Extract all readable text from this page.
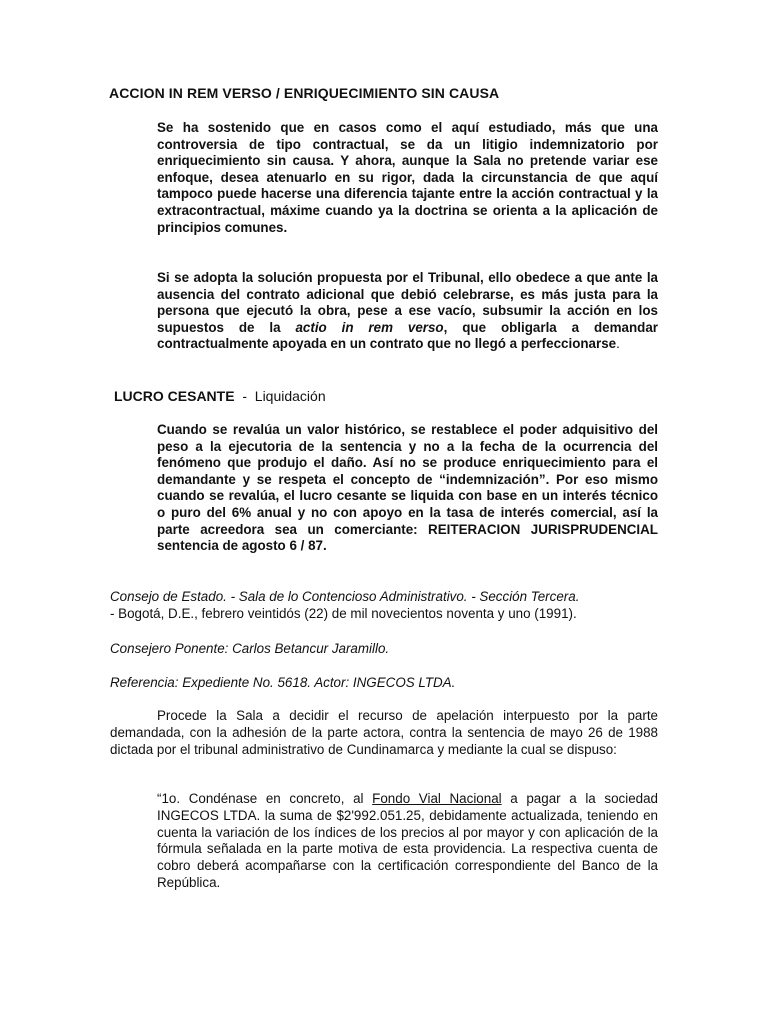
ACCION IN REM VERSO / ENRIQUECIMIENTO SIN CAUSA
Se ha sostenido que en casos como el aquí estudiado, más que una controversia de tipo contractual, se da un litigio indemnizatorio por enriquecimiento sin causa. Y ahora, aunque la Sala no pretende variar ese enfoque, desea atenuarlo en su rigor, dada la circunstancia de que aquí tampoco puede hacerse una diferencia tajante entre la acción contractual y la extracontractual, máxime cuando ya la doctrina se orienta a la aplicación de principios comunes.
Si se adopta la solución propuesta por el Tribunal, ello obedece a que ante la ausencia del contrato adicional que debió celebrarse, es más justa para la persona que ejecutó la obra, pese a ese vacío, subsumir la acción en los supuestos de la actio in rem verso, que obligarla a demandar contractualmente apoyada en un contrato que no llegó a perfeccionarse.
LUCRO CESANTE  -  Liquidación
Cuando se revalúa un valor histórico, se restablece el poder adquisitivo del peso a la ejecutoria de la sentencia y no a la fecha de la ocurrencia del fenómeno que produjo el daño. Así no se produce enriquecimiento para el demandante y se respeta el concepto de “indemnización”. Por eso mismo cuando se revalúa, el lucro cesante se liquida con base en un interés técnico o puro del 6% anual y no con apoyo en la tasa de interés comercial, así la parte acreedora sea un comerciante: REITERACION JURISPRUDENCIAL sentencia de agosto 6 / 87.
Consejo de Estado. - Sala de lo Contencioso Administrativo. - Sección Tercera.
- Bogotá, D.E., febrero veintidós (22) de mil novecientos noventa y uno (1991).
Consejero Ponente: Carlos Betancur Jaramillo.
Referencia: Expediente No. 5618. Actor: INGECOS LTDA.
Procede la Sala a decidir el recurso de apelación interpuesto por la parte demandada, con la adhesión de la parte actora, contra la sentencia de mayo 26 de 1988 dictada por el tribunal administrativo de Cundinamarca y mediante la cual se dispuso:
“1o. Condénase en concreto, al Fondo Vial Nacional a pagar a la sociedad INGECOS LTDA. la suma de $2'992.051.25, debidamente actualizada, teniendo en cuenta la variación de los índices de los precios al por mayor y con aplicación de la fórmula señalada en la parte motiva de esta providencia. La respectiva cuenta de cobro deberá acompañarse con la certificación correspondiente del Banco de la República.
